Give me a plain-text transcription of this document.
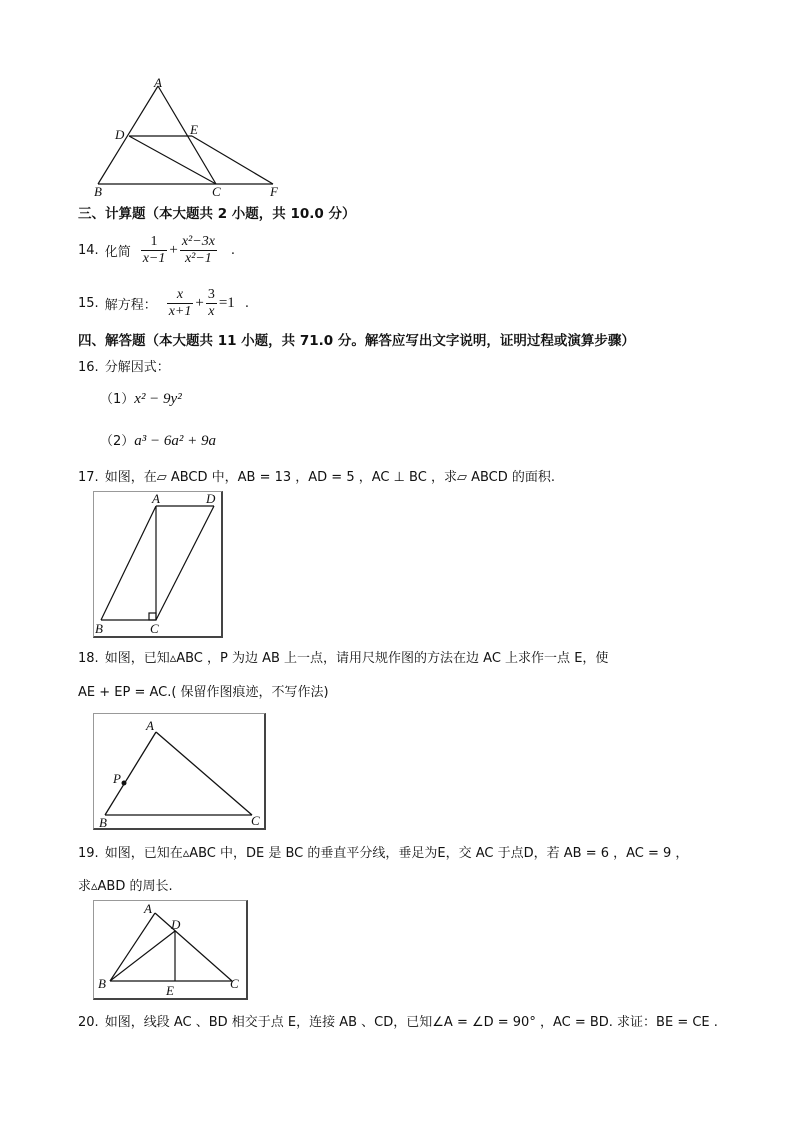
A
D	E
B	C	F
三、计算题（本大题共 2 小题，共 10.0 分）
14. 化简 $\frac{1}{x-1} + \frac{\text{x²−3x}}{\text{x²−1}}$ .
15. 解方程： $\frac{x}{x+1} + \frac{3}{x} =1$ .
四、解答题（本大题共 11 小题，共 71.0 分。解答应写出文字说明，证明过程或演算步骤）
16. 分解因式：
（1）x² − 9y²
（2）a³ − 6a² + 9a
17. 如图，在▱ ABCD 中，AB = 13 ，AD = 5 ，AC ⊥ BC ，求▱ ABCD 的面积.
A	D
B	C
18. 如图，已知▵ABC ，P 为边 AB 上一点，请用尺规作图的方法在边 AC 上求作一点 E，使
AE + EP = AC.( 保留作图痕迹，不写作法)
A
P
B	C
19. 如图，已知在▵ABC 中，DE 是 BC 的垂直平分线，垂足为E，交 AC 于点D，若 AB = 6 ，AC = 9 ，
求▵ABD 的周长.
A
D
B	E	C
20. 如图，线段 AC 、BD 相交于点 E，连接 AB 、CD，已知∠A = ∠D = 90° ，AC = BD. 求证：BE = CE .
